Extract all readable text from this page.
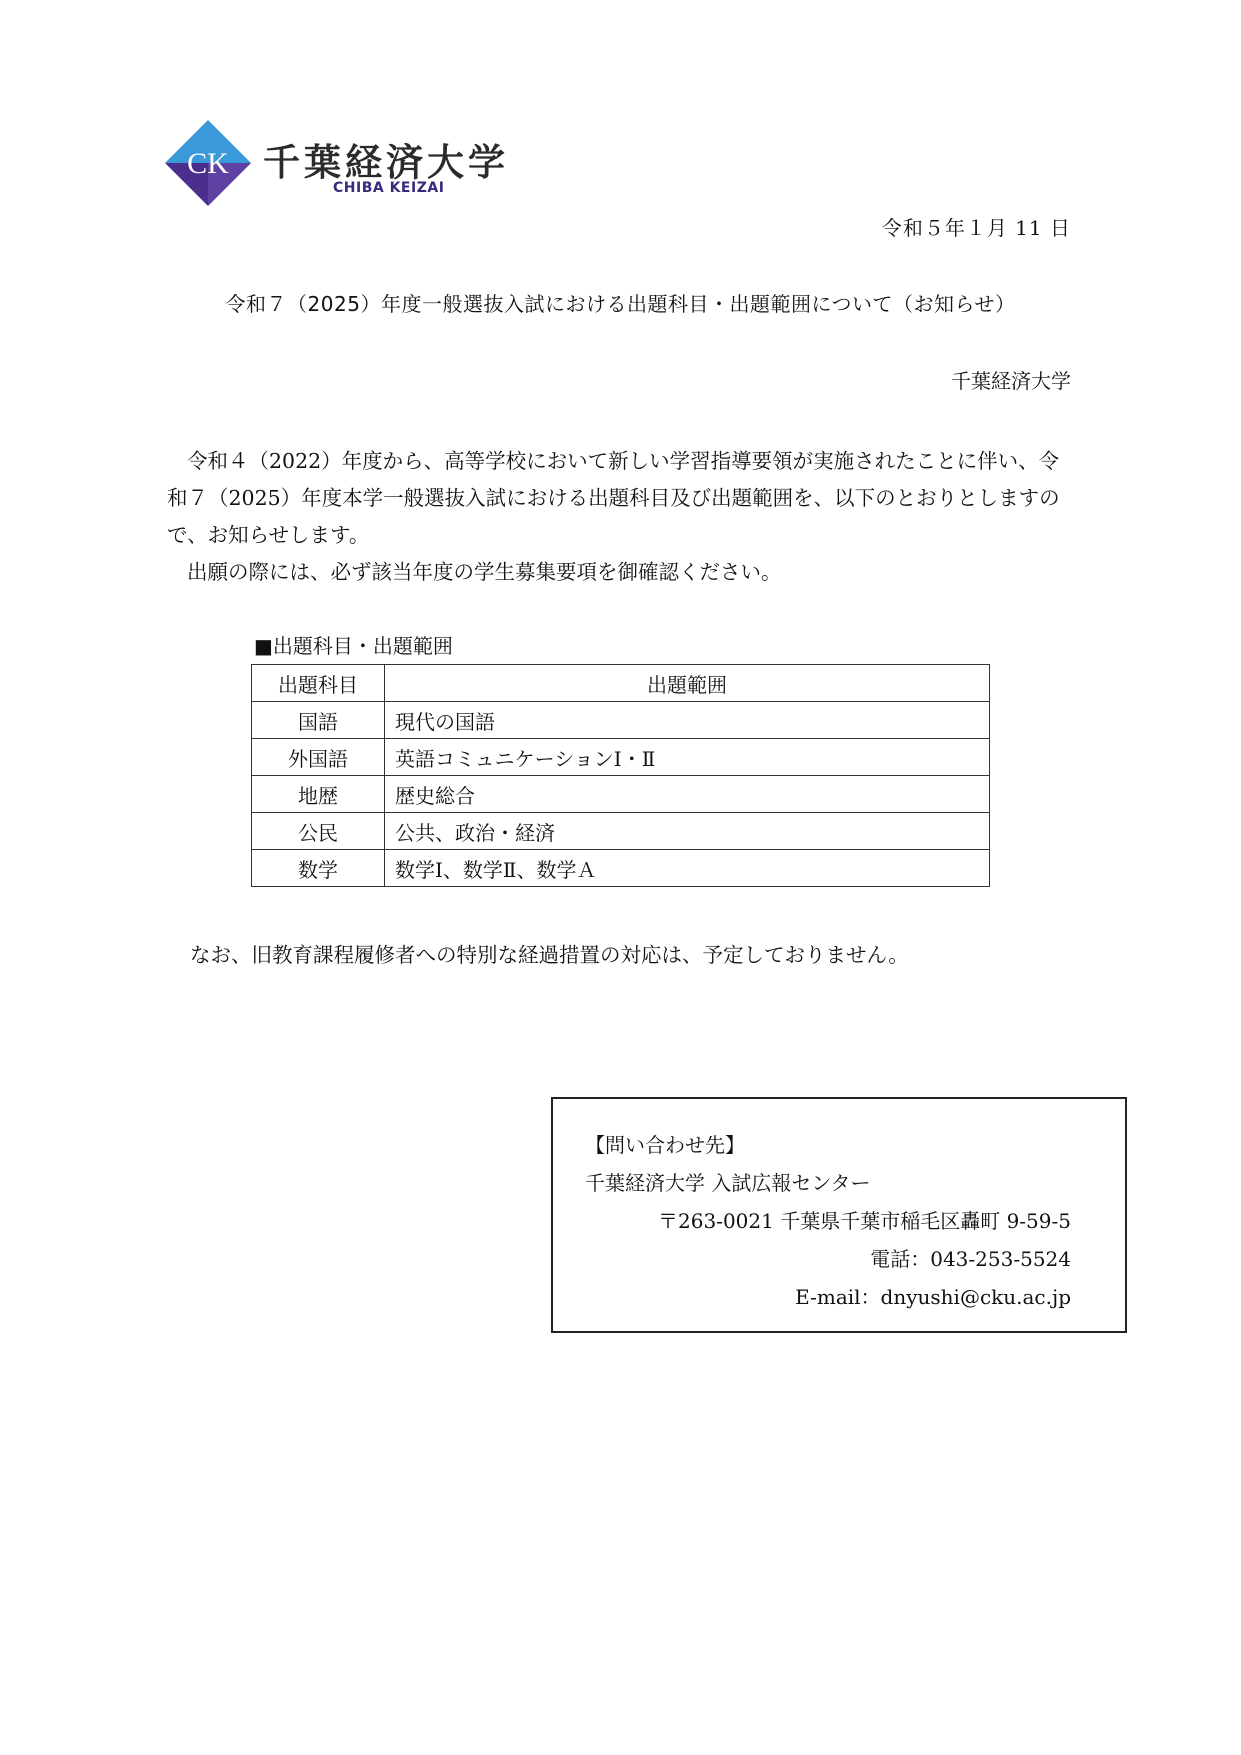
CK 千葉経済大学
CHIBA KEIZAI
令和５年１月 11 日
令和７（2025）年度一般選抜入試における出題科目・出題範囲について（お知らせ）
千葉経済大学

令和４（2022）年度から、高等学校において新しい学習指導要領が実施されたことに伴い、令和７（2025）年度本学一般選抜入試における出題科目及び出題範囲を、以下のとおりとしますので、お知らせします。

出願の際には、必ず該当年度の学生募集要項を御確認ください。

■出題科目・出題範囲
出題科目	出題範囲
国語	現代の国語
外国語	英語コミュニケーションⅠ・Ⅱ
地歴	歴史総合
公民	公共、政治・経済
数学	数学Ⅰ、数学Ⅱ、数学Ａ
なお、旧教育課程履修者への特別な経過措置の対応は、予定しておりません。
【問い合わせ先】
千葉経済大学 入試広報センター
〒263-0021 千葉県千葉市稲毛区轟町 9-59-5
電話：043-253-5524
E-mail：dnyushi@cku.ac.jp
